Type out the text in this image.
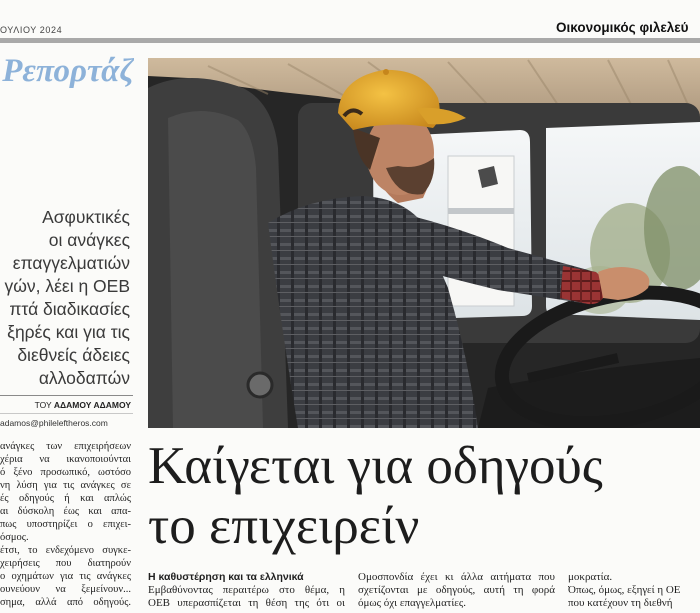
ΟΥΛΙΟΥ 2024	Οικονομικός φιλελεύ
Ρεπορτάζ
Ασφυκτικές
οι ανάγκες
επαγγελματιών
γών, λέει η ΟΕΒ
πτά διαδικασίες
ξηρές και για τις
διεθνείς άδειες
αλλοδαπών
ΤΟΥ ΑΔΑΜΟΥ ΑΔΑΜΟΥ
adamos@phileleftheros.com
ανάγκες των επιχειρήσεων
χέρια να ικανοποιούνται
ό ξένο προσωπικό, ωστόσο
νη λύση για τις ανάγκες σε
ές οδηγούς ή και απλώς
αι δύσκολη έως και απα-
πως υποστηρίζει ο επιχει-
όσμος.
έτσι, το ενδεχόμενο συγκε-
χειρήσεις που διατηρούν
ο οχημάτων για τις ανάγκες
ουνεύουν να ξεμείνουν...
σημα, αλλά από οδηγούς.
Καίγεται για οδηγούς
το επιχειρείν
Η καθυστέρηση και τα ελληνικά
Εμβαθύνοντας περαιτέρω στο θέμα, η
ΟΕΒ υπερασπίζεται τη θέση της ότι οι
Ομοσπονδία έχει κι άλλα αιτήματα που
σχετίζονται με οδηγούς, αυτή τη φορά
όμως όχι επαγγελματίες.
μοκρατία.
Όπως, όμως, εξηγεί η ΟΕ
που κατέχουν τη διεθνή
